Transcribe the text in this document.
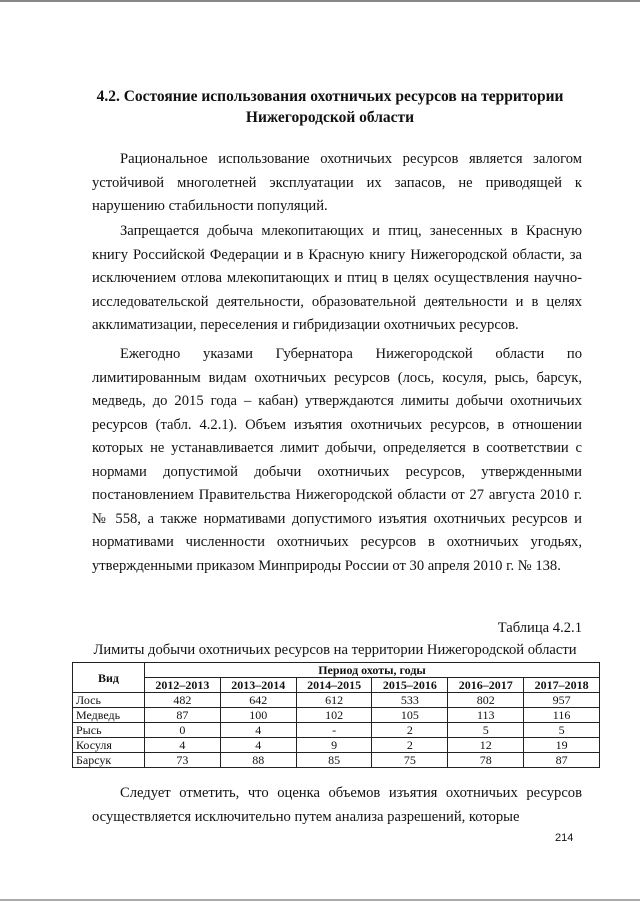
4.2. Состояние использования охотничьих ресурсов на территории Нижегородской области

Рациональное использование охотничьих ресурсов является залогом устойчивой многолетней эксплуатации их запасов, не приводящей к нарушению стабильности популяций.

Запрещается добыча млекопитающих и птиц, занесенных в Красную книгу Российской Федерации и в Красную книгу Нижегородской области, за исключением отлова млекопитающих и птиц в целях осуществления научно-исследовательской деятельности, образовательной деятельности и в целях акклиматизации, переселения и гибридизации охотничьих ресурсов.

Ежегодно указами Губернатора Нижегородской области по лимитированным видам охотничьих ресурсов (лось, косуля, рысь, барсук, медведь, до 2015 года – кабан) утверждаются лимиты добычи охотничьих ресурсов (табл. 4.2.1). Объем изъятия охотничьих ресурсов, в отношении которых не устанавливается лимит добычи, определяется в соответствии с нормами допустимой добычи охотничьих ресурсов, утвержденными постановлением Правительства Нижегородской области от 27 августа 2010 г. № 558, а также нормативами допустимого изъятия охотничьих ресурсов и нормативами численности охотничьих ресурсов в охотничьих угодьях, утвержденными приказом Минприроды России от 30 апреля 2010 г. № 138.

Таблица 4.2.1
Лимиты добычи охотничьих ресурсов на территории Нижегородской области
Вид	Период охоты, годы					
	2012–2013	2013–2014	2014–2015	2015–2016	2016–2017	2017–2018
Лось	482	642	612	533	802	957
Медведь	87	100	102	105	113	116
Рысь	0	4	-	2	5	5
Косуля	4	4	9	2	12	19
Барсук	73	88	85	75	78	87

Следует отметить, что оценка объемов изъятия охотничьих ресурсов осуществляется исключительно путем анализа разрешений, которые

214
